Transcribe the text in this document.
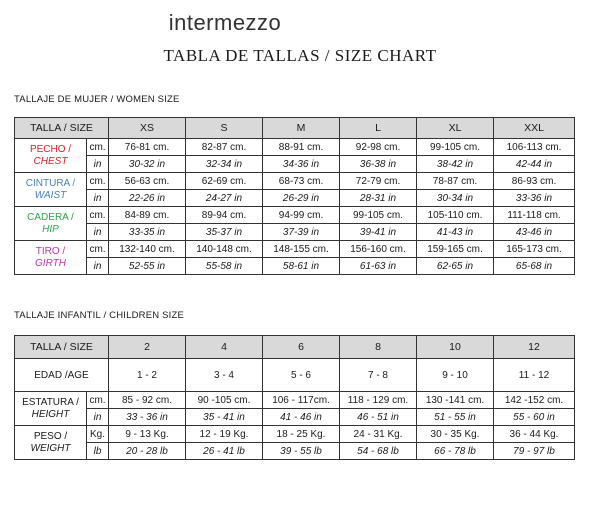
intermezzo
TABLA DE TALLAS / SIZE CHART
TALLAJE DE MUJER / WOMEN SIZE
TALLA / SIZE		XS	S	M	L	XL	XXL

PECHO /
CHEST	cm.	76-81 cm.	82-87 cm.	88-91 cm.	92-98 cm.	99-105 cm.	106-113 cm.
	in	30-32 in	32-34 in	34-36 in	36-38 in	38-42 in	42-44 in

CINTURA /
WAIST	cm.	56-63 cm.	62-69 cm.	68-73 cm.	72-79 cm.	78-87 cm.	86-93 cm.
	in	22-26 in	24-27 in	26-29 in	28-31 in	30-34 in	33-36 in

CADERA /
HIP	cm.	84-89 cm.	89-94 cm.	94-99 cm.	99-105 cm.	105-110 cm.	111-118 cm.
	in	33-35 in	35-37 in	37-39 in	39-41 in	41-43 in	43-46 in

TIRO /
GIRTH	cm.	132-140 cm.	140-148 cm.	148-155 cm.	156-160 cm.	159-165 cm.	165-173 cm.
	in	52-55 in	55-58 in	58-61 in	61-63 in	62-65 in	65-68 in
TALLAJE INFANTIL / CHILDREN SIZE
TALLA / SIZE		2	4	6	8	10	12
EDAD /AGE		1 - 2	3 - 4	5 - 6	7 - 8	9 - 10	11 - 12

ESTATURA /
HEIGHT	cm.	85 - 92 cm.	90 -105 cm.	106 - 117cm.	118 - 129 cm.	130 -141 cm.	142 -152 cm.
	in	33 - 36 in	35 - 41 in	41 - 46 in	46 - 51 in	51 - 55 in	55 - 60 in

PESO /
WEIGHT	Kg.	9 - 13 Kg.	12 - 19 Kg.	18 - 25 Kg.	24 - 31 Kg.	30 - 35 Kg.	36 - 44 Kg.
	lb	20 - 28 lb	26 - 41 lb	39 - 55 lb	54 - 68 lb	66 - 78 lb	79 - 97 lb
